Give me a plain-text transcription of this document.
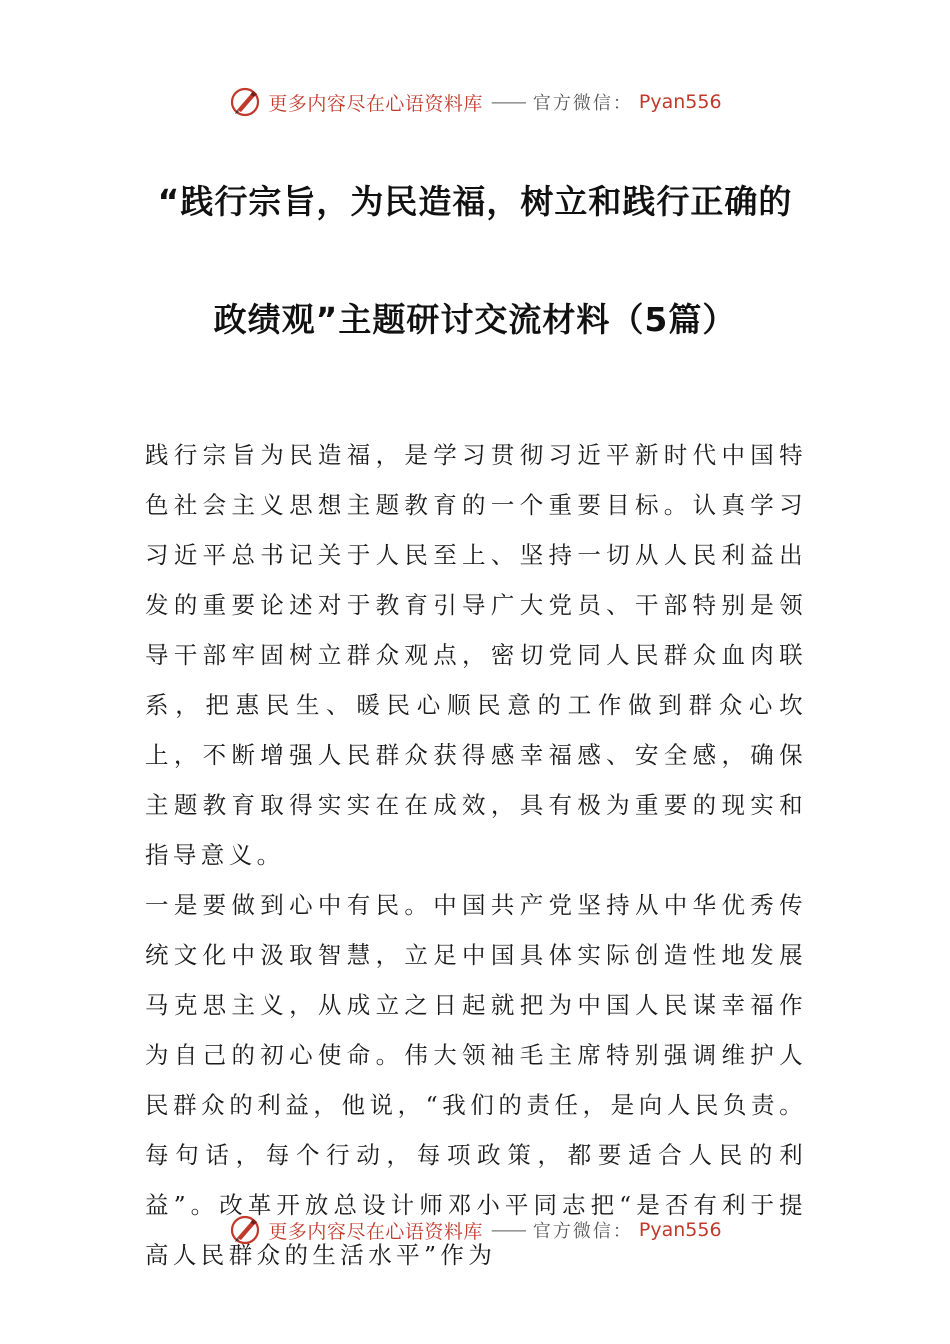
更多内容尽在心语资料库 —— 官方微信： Pyan556
“践行宗旨，为民造福，树立和践行正确的
政绩观”主题研讨交流材料（5篇）

践行宗旨为民造福，是学习贯彻习近平新时代中国特色社会主义思想主题教育的一个重要目标。认真学习习近平总书记关于人民至上、坚持一切从人民利益出发的重要论述对于教育引导广大党员、干部特别是领导干部牢固树立群众观点，密切党同人民群众血肉联系，把惠民生、暖民心顺民意的工作做到群众心坎上，不断增强人民群众获得感幸福感、安全感，确保主题教育取得实实在在成效，具有极为重要的现实和指导意义。

一是要做到心中有民。中国共产党坚持从中华优秀传统文化中汲取智慧，立足中国具体实际创造性地发展马克思主义，从成立之日起就把为中国人民谋幸福作为自己的初心使命。伟大领袖毛主席特别强调维护人民群众的利益，他说，“我们的责任，是向人民负责。每句话，每个行动，每项政策，都要适合人民的利益”。改革开放总设计师邓小平同志把“是否有利于提高人民群众的生活水平”作为

更多内容尽在心语资料库 —— 官方微信： Pyan556
